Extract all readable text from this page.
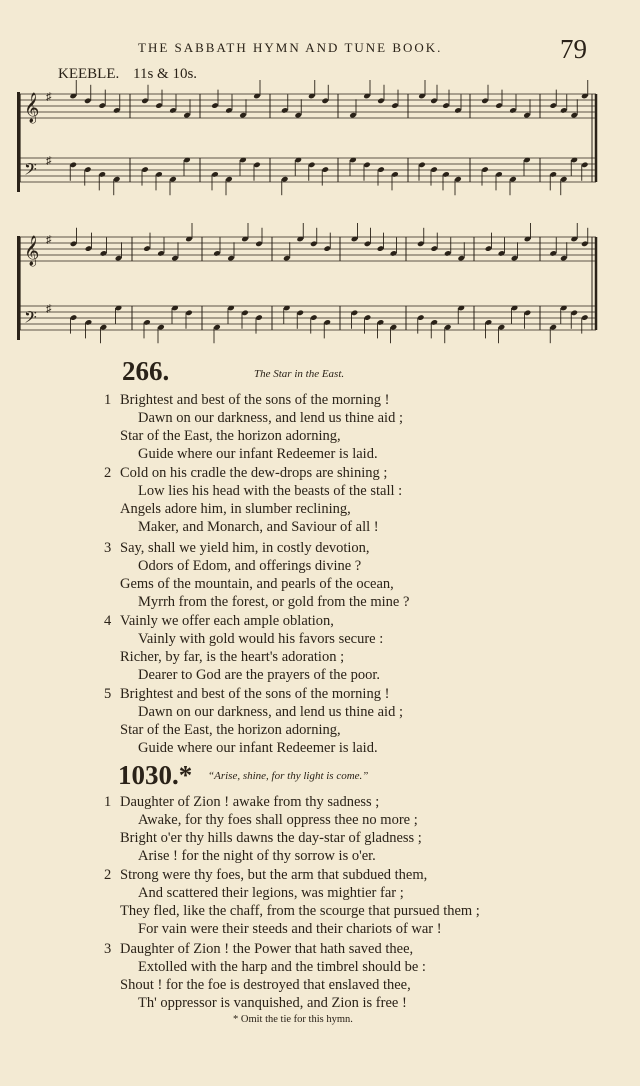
THE SABBATH HYMN AND TUNE BOOK.	79
KEEBLE. 11s & 10s.
𝄞 ♯
𝄢 ♯
𝄞 ♯
𝄢 ♯
266.	The Star in the East.
1030.* “Arise, shine, for thy light is come.”
1 Brightest and best of the sons of the morning !
Dawn on our darkness, and lend us thine aid ;
Star of the East, the horizon adorning,
Guide where our infant Redeemer is laid.
2 Cold on his cradle the dew-drops are shining ;
Low lies his head with the beasts of the stall :
Angels adore him, in slumber reclining,
Maker, and Monarch, and Saviour of all !
3 Say, shall we yield him, in costly devotion,
Odors of Edom, and offerings divine ?
Gems of the mountain, and pearls of the ocean,
Myrrh from the forest, or gold from the mine ?
4 Vainly we offer each ample oblation,
Vainly with gold would his favors secure :
Richer, by far, is the heart's adoration ;
Dearer to God are the prayers of the poor.
5 Brightest and best of the sons of the morning !
Dawn on our darkness, and lend us thine aid ;
Star of the East, the horizon adorning,
Guide where our infant Redeemer is laid.
1 Daughter of Zion ! awake from thy sadness ;
Awake, for thy foes shall oppress thee no more ;
Bright o'er thy hills dawns the day-star of gladness ;
Arise ! for the night of thy sorrow is o'er.
2 Strong were thy foes, but the arm that subdued them,
And scattered their legions, was mightier far ;
They fled, like the chaff, from the scourge that pursued them ;
For vain were their steeds and their chariots of war !
3 Daughter of Zion ! the Power that hath saved thee,
Extolled with the harp and the timbrel should be :
Shout ! for the foe is destroyed that enslaved thee,
Th' oppressor is vanquished, and Zion is free !
* Omit the tie for this hymn.
